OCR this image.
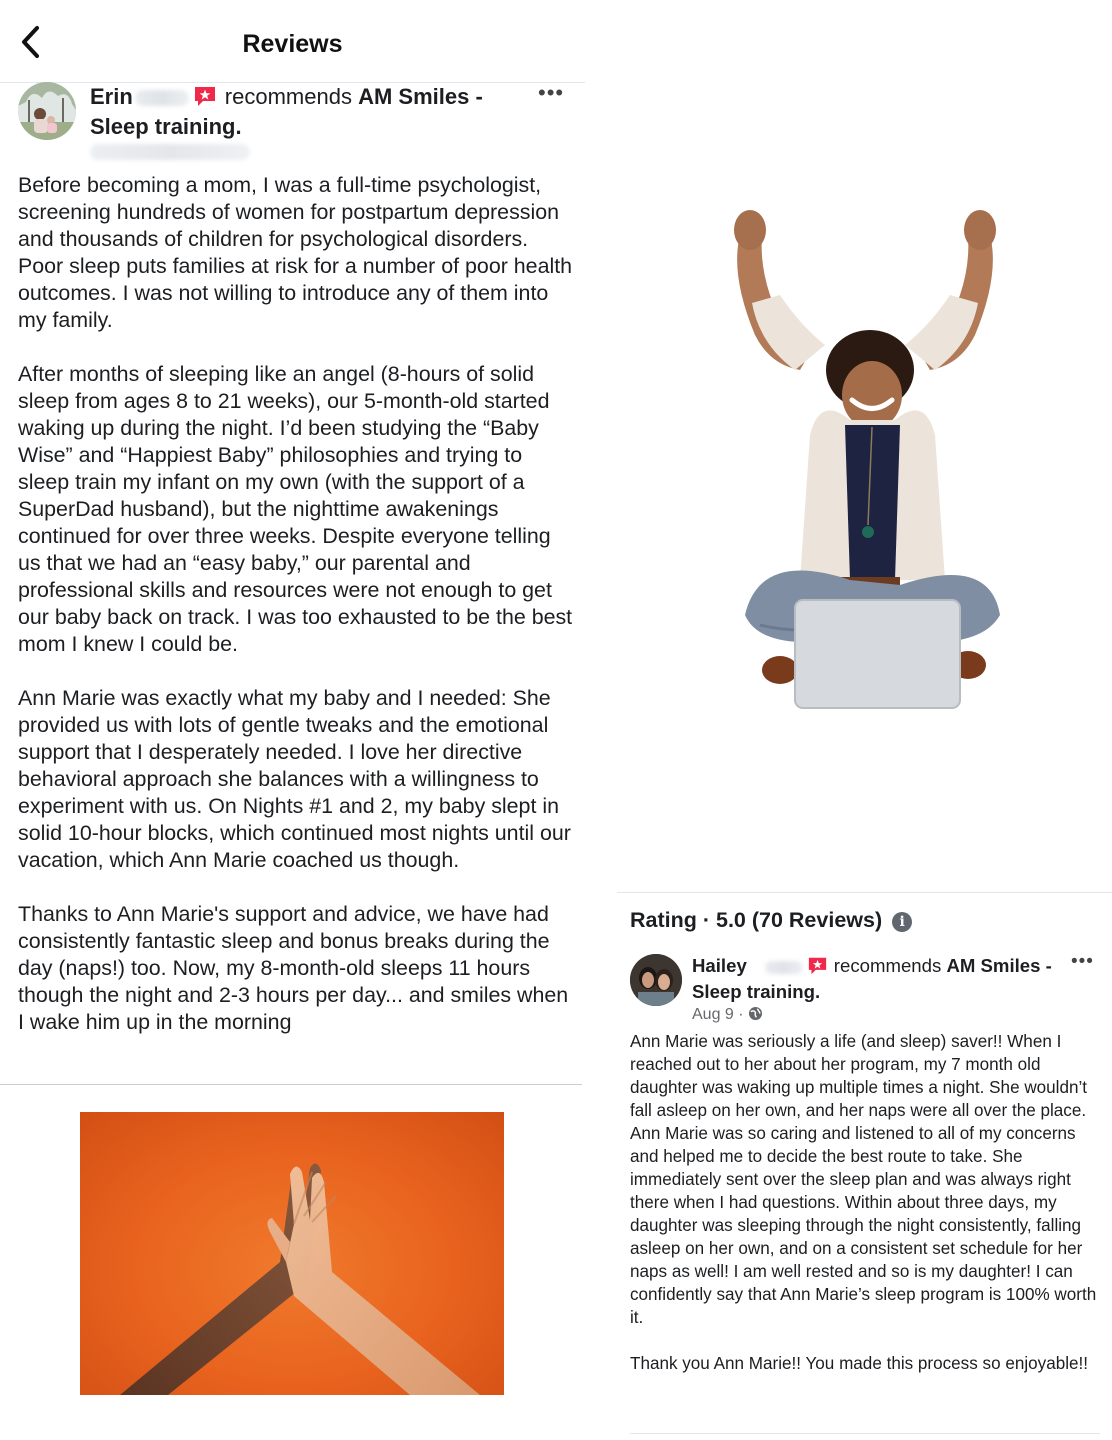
Reviews
Erin	recommends AM Smiles - Sleep training.
•••

Before becoming a mom, I was a full-time psychologist, screening hundreds of women for postpartum depression and thousands of children for psychological disorders. Poor sleep puts families at risk for a number of poor health outcomes. I was not willing to introduce any of them into my family.

After months of sleeping like an angel (8-hours of solid sleep from ages 8 to 21 weeks), our 5-month-old started waking up during the night. I’d been studying the “Baby Wise” and “Happiest Baby” philosophies and trying to sleep train my infant on my own (with the support of a SuperDad husband), but the nighttime awakenings continued for over three weeks. Despite everyone telling us that we had an “easy baby,” our parental and professional skills and resources were not enough to get our baby back on track. I was too exhausted to be the best mom I knew I could be.

Ann Marie was exactly what my baby and I needed: She provided us with lots of gentle tweaks and the emotional support that I desperately needed. I love her directive behavioral approach she balances with a willingness to experiment with us. On Nights #1 and 2, my baby slept in solid 10-hour blocks, which continued most nights until our vacation, which Ann Marie coached us though.

Thanks to Ann Marie's support and advice, we have had consistently fantastic sleep and bonus breaks during the day (naps!) too. Now, my 8-month-old sleeps 11 hours though the night and 2-3 hours per day... and smiles when I wake him up in the morning

Rating · 5.0 (70 Reviews) i
Hailey	recommends AM Smiles - Sleep training.
•••
Aug 9 ·

Ann Marie was seriously a life (and sleep) saver!! When I reached out to her about her program, my 7 month old daughter was waking up multiple times a night. She wouldn’t fall asleep on her own, and her naps were all over the place. Ann Marie was so caring and listened to all of my concerns and helped me to decide the best route to take. She immediately sent over the sleep plan and was always right there when I had questions. Within about three days, my daughter was sleeping through the night consistently, falling asleep on her own, and on a consistent set schedule for her naps as well! I am well rested and so is my daughter! I can confidently say that Ann Marie’s sleep program is 100% worth it.

Thank you Ann Marie!! You made this process so enjoyable!!
